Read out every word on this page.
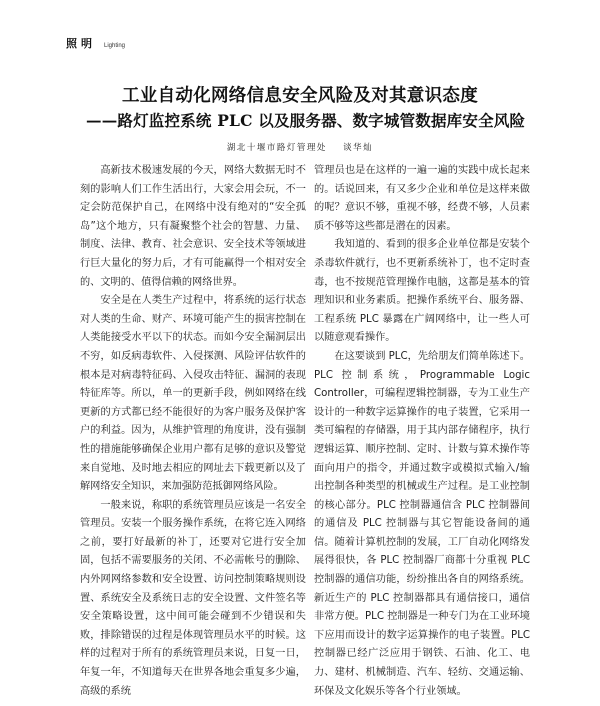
照明 Lighting
工业自动化网络信息安全风险及对其意识态度
——路灯监控系统 PLC 以及服务器、数字城管数据库安全风险
湖北十堰市路灯管理处 谈华灿

高新技术极速发展的今天，网络大数据无时不刻的影响人们工作生活出行，大家会用会玩，不一定会防范保护自己，在网络中没有绝对的“安全孤岛”这个地方，只有凝聚整个社会的智慧、力量、制度、法律、教育、社会意识、安全技术等领域进行巨大量化的努力后，才有可能赢得一个相对安全的、文明的、值得信赖的网络世界。

安全是在人类生产过程中，将系统的运行状态对人类的生命、财产、环境可能产生的损害控制在人类能接受水平以下的状态。而如今安全漏洞层出不穷，如反病毒软件、入侵探测、风险评估软件的根本是对病毒特征码、入侵攻击特征、漏洞的表现特征库等。所以，单一的更新手段，例如网络在线更新的方式都已经不能很好的为客户服务及保护客户的利益。因为，从维护管理的角度讲，没有强制性的措施能够确保企业用户都有足够的意识及警觉来自觉地、及时地去相应的网址去下载更新以及了解网络安全知识，来加强防范抵御网络风险。

一般来说，称职的系统管理员应该是一名安全管理员。安装一个服务操作系统，在将它连入网络之前，要打好最新的补丁，还要对它进行安全加固，包括不需要服务的关闭、不必需帐号的删除、内外网网络参数和安全设置、访问控制策略规则设置、系统安全及系统日志的安全设置、文件签名等安全策略设置，这中间可能会碰到不少错误和失败，排除错误的过程是体现管理员水平的时候。这样的过程对于所有的系统管理员来说，日复一日，年复一年，不知道每天在世界各地会重复多少遍，高级的系统

管理员也是在这样的一遍一遍的实践中成长起来的。话说回来，有又多少企业和单位是这样来做的呢？意识不够，重视不够，经费不够，人员素质不够等这些都是潜在的因素。

我知道的、看到的很多企业单位都是安装个杀毒软件就行，也不更新系统补丁，也不定时查毒，也不按规范管理操作电脑，这都是基本的管理知识和业务素质。把操作系统平台、服务器、工程系统 PLC 暴露在广阔网络中，让一些人可以随意观看操作。

在这要谈到 PLC，先给朋友们简单陈述下。PLC 控制系统，Programmable Logic Controller，可编程逻辑控制器，专为工业生产设计的一种数字运算操作的电子装置，它采用一类可编程的存储器，用于其内部存储程序，执行逻辑运算、顺序控制、定时、计数与算术操作等面向用户的指令，并通过数字或模拟式输入/输出控制各种类型的机械或生产过程。是工业控制的核心部分。PLC 控制器通信含 PLC 控制器间的通信及 PLC 控制器与其它智能设备间的通信。随着计算机控制的发展，工厂自动化网络发展得很快，各 PLC 控制器厂商都十分重视 PLC 控制器的通信功能，纷纷推出各自的网络系统。新近生产的 PLC 控制器都具有通信接口，通信非常方便。PLC 控制器是一种专门为在工业环境下应用而设计的数字运算操作的电子装置。PLC 控制器已经广泛应用于钢铁、石油、化工、电力、建材、机械制造、汽车、轻纺、交通运输、环保及文化娱乐等各个行业领域。
